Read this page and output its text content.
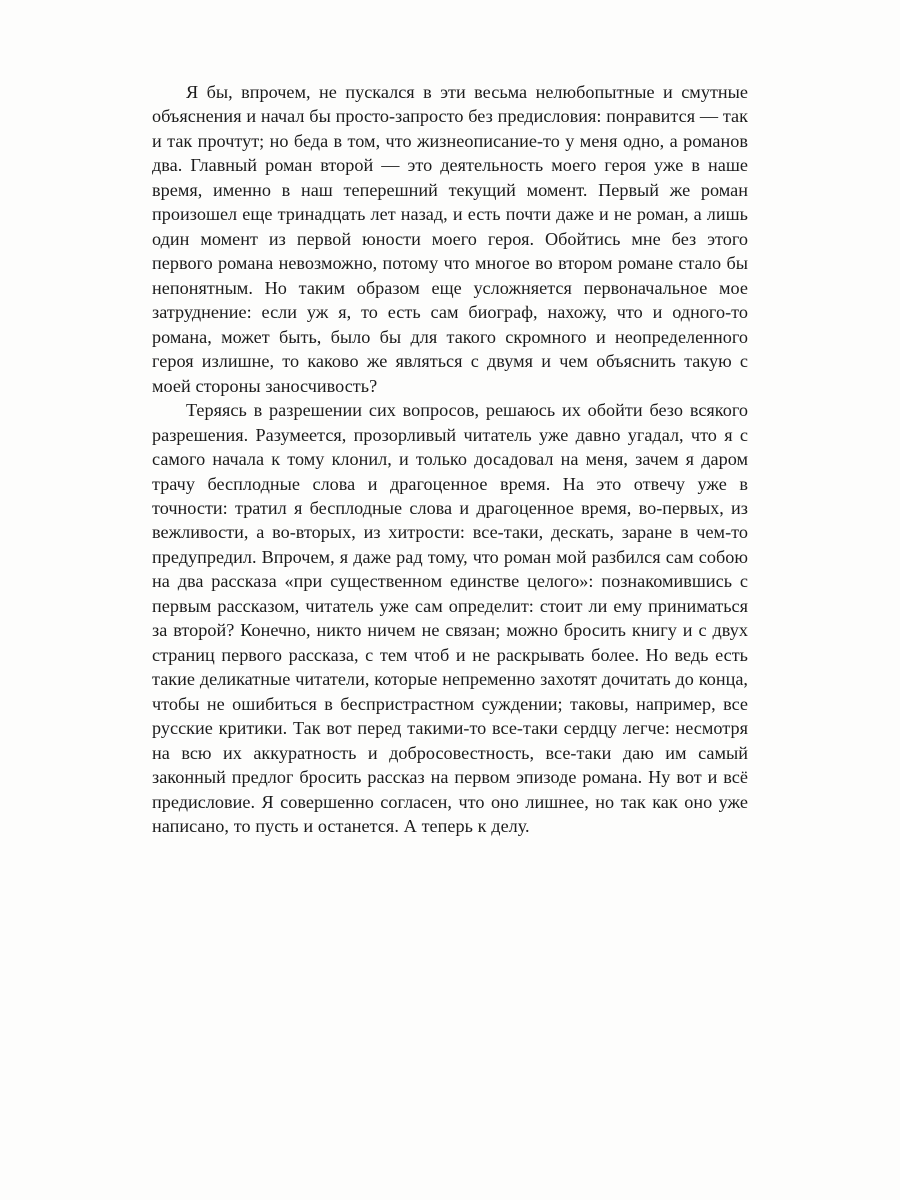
Я бы, впрочем, не пускался в эти весьма нелюбопытные и смутные объяснения и начал бы просто-запросто без предисловия: понравится — так и так прочтут; но беда в том, что жизнеописание-то у меня одно, а романов два. Главный роман второй — это деятельность моего героя уже в наше время, именно в наш теперешний текущий момент. Первый же роман произошел еще тринадцать лет назад, и есть почти даже и не роман, а лишь один момент из первой юности моего героя. Обойтись мне без этого первого романа невозможно, потому что многое во втором романе стало бы непонятным. Но таким образом еще усложняется первоначальное мое затруднение: если уж я, то есть сам биограф, нахожу, что и одного-то романа, может быть, было бы для такого скромного и неопределенного героя излишне, то каково же являться с двумя и чем объяснить такую с моей стороны заносчивость?

Теряясь в разрешении сих вопросов, решаюсь их обойти безо всякого разрешения. Разумеется, прозорливый читатель уже давно угадал, что я с самого начала к тому клонил, и только досадовал на меня, зачем я даром трачу бесплодные слова и драгоценное время. На это отвечу уже в точности: тратил я бесплодные слова и драгоценное время, во-первых, из вежливости, а во-вторых, из хитрости: все-таки, дескать, заране в чем-то предупредил. Впрочем, я даже рад тому, что роман мой разбился сам собою на два рассказа «при существенном единстве целого»: познакомившись с первым рассказом, читатель уже сам определит: стоит ли ему приниматься за второй? Конечно, никто ничем не связан; можно бросить книгу и с двух страниц первого рассказа, с тем чтоб и не раскрывать более. Но ведь есть такие деликатные читатели, которые непременно захотят дочитать до конца, чтобы не ошибиться в беспристрастном суждении; таковы, например, все русские критики. Так вот перед такими-то все-таки сердцу легче: несмотря на всю их аккуратность и добросовестность, все-таки даю им самый законный предлог бросить рассказ на первом эпизоде романа. Ну вот и всё предисловие. Я совершенно согласен, что оно лишнее, но так как оно уже написано, то пусть и останется. А теперь к делу.
